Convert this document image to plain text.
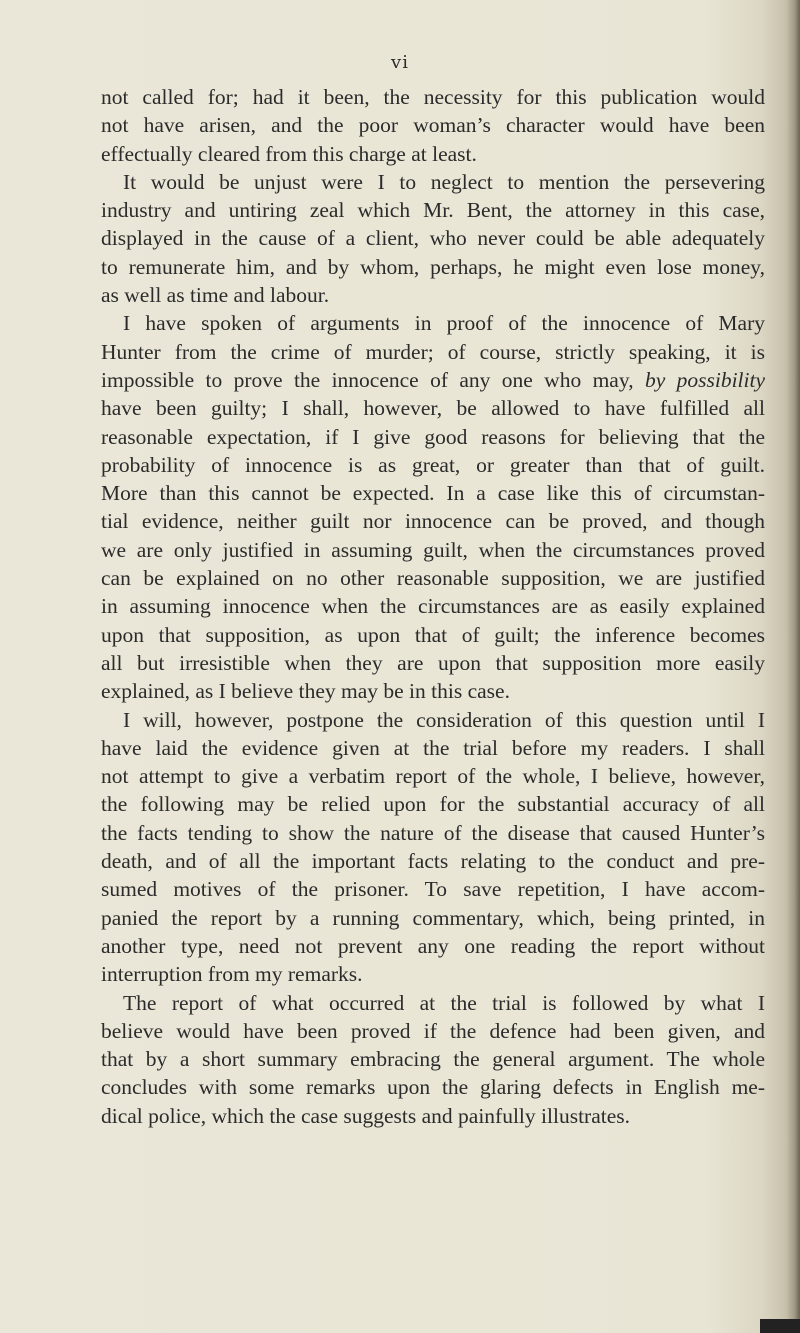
vi

not called for; had it been, the necessity for this publication would
not have arisen, and the poor woman’s character would have been
effectually cleared from this charge at least.

It would be unjust were I to neglect to mention the persevering
industry and untiring zeal which Mr. Bent, the attorney in this case,
displayed in the cause of a client, who never could be able adequately
to remunerate him, and by whom, perhaps, he might even lose money,
as well as time and labour.

I have spoken of arguments in proof of the innocence of Mary
Hunter from the crime of murder; of course, strictly speaking, it is
impossible to prove the innocence of any one who may, by possibility
have been guilty; I shall, however, be allowed to have fulfilled all
reasonable expectation, if I give good reasons for believing that the
probability of innocence is as great, or greater than that of guilt.
More than this cannot be expected. In a case like this of circumstan-
tial evidence, neither guilt nor innocence can be proved, and though
we are only justified in assuming guilt, when the circumstances proved
can be explained on no other reasonable supposition, we are justified
in assuming innocence when the circumstances are as easily explained
upon that supposition, as upon that of guilt; the inference becomes
all but irresistible when they are upon that supposition more easily
explained, as I believe they may be in this case.

I will, however, postpone the consideration of this question until I
have laid the evidence given at the trial before my readers. I shall
not attempt to give a verbatim report of the whole, I believe, however,
the following may be relied upon for the substantial accuracy of all
the facts tending to show the nature of the disease that caused Hunter’s
death, and of all the important facts relating to the conduct and pre-
sumed motives of the prisoner. To save repetition, I have accom-
panied the report by a running commentary, which, being printed, in
another type, need not prevent any one reading the report without
interruption from my remarks.

The report of what occurred at the trial is followed by what I
believe would have been proved if the defence had been given, and
that by a short summary embracing the general argument. The whole
concludes with some remarks upon the glaring defects in English me-
dical police, which the case suggests and painfully illustrates.
